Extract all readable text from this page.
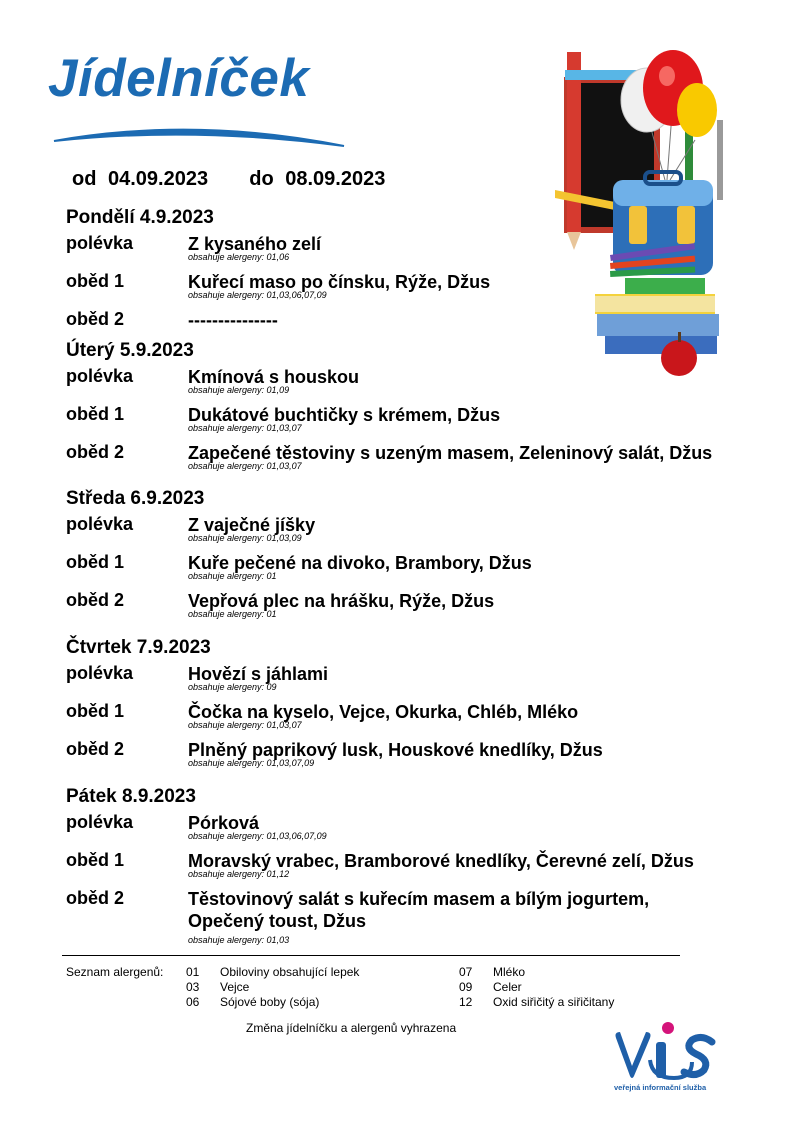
Jídelníček
od 04.09.2023 do 08.09.2023
Pondělí 4.9.2023
polévka	Z kysaného zelí
obsahuje alergeny: 01,06
oběd 1	Kuřecí maso po čínsku, Rýže, Džus
obsahuje alergeny: 01,03,06,07,09
oběd 2	---------------
Úterý 5.9.2023
polévka	Kmínová s houskou
obsahuje alergeny: 01,09
oběd 1	Dukátové buchtičky s krémem, Džus
obsahuje alergeny: 01,03,07
oběd 2	Zapečené těstoviny s uzeným masem, Zeleninový salát, Džus
obsahuje alergeny: 01,03,07
Středa 6.9.2023
polévka	Z vaječné jíšky
obsahuje alergeny: 01,03,09
oběd 1	Kuře pečené na divoko, Brambory, Džus
obsahuje alergeny: 01
oběd 2	Vepřová plec na hrášku, Rýže, Džus
obsahuje alergeny: 01
Čtvrtek 7.9.2023
polévka	Hovězí s jáhlami
obsahuje alergeny: 09
oběd 1	Čočka na kyselo, Vejce, Okurka, Chléb, Mléko
obsahuje alergeny: 01,03,07
oběd 2	Plněný paprikový lusk, Houskové knedlíky, Džus
obsahuje alergeny: 01,03,07,09
Pátek 8.9.2023
polévka	Pórková
obsahuje alergeny: 01,03,06,07,09
oběd 1	Moravský vrabec, Bramborové knedlíky, Čerevné zelí, Džus
obsahuje alergeny: 01,12
oběd 2	Těstovinový salát s kuřecím masem a bílým jogurtem,
Opečený toust, Džus
obsahuje alergeny: 01,03
Seznam alergenů: 01 Obiloviny obsahující lepek
03 Vejce
06 Sójové boby (sója)
07 Mléko
09 Celer
12 Oxid siřičitý a siřičitany
Změna jídelníčku a alergenů vyhrazena
veřejná informační služba
